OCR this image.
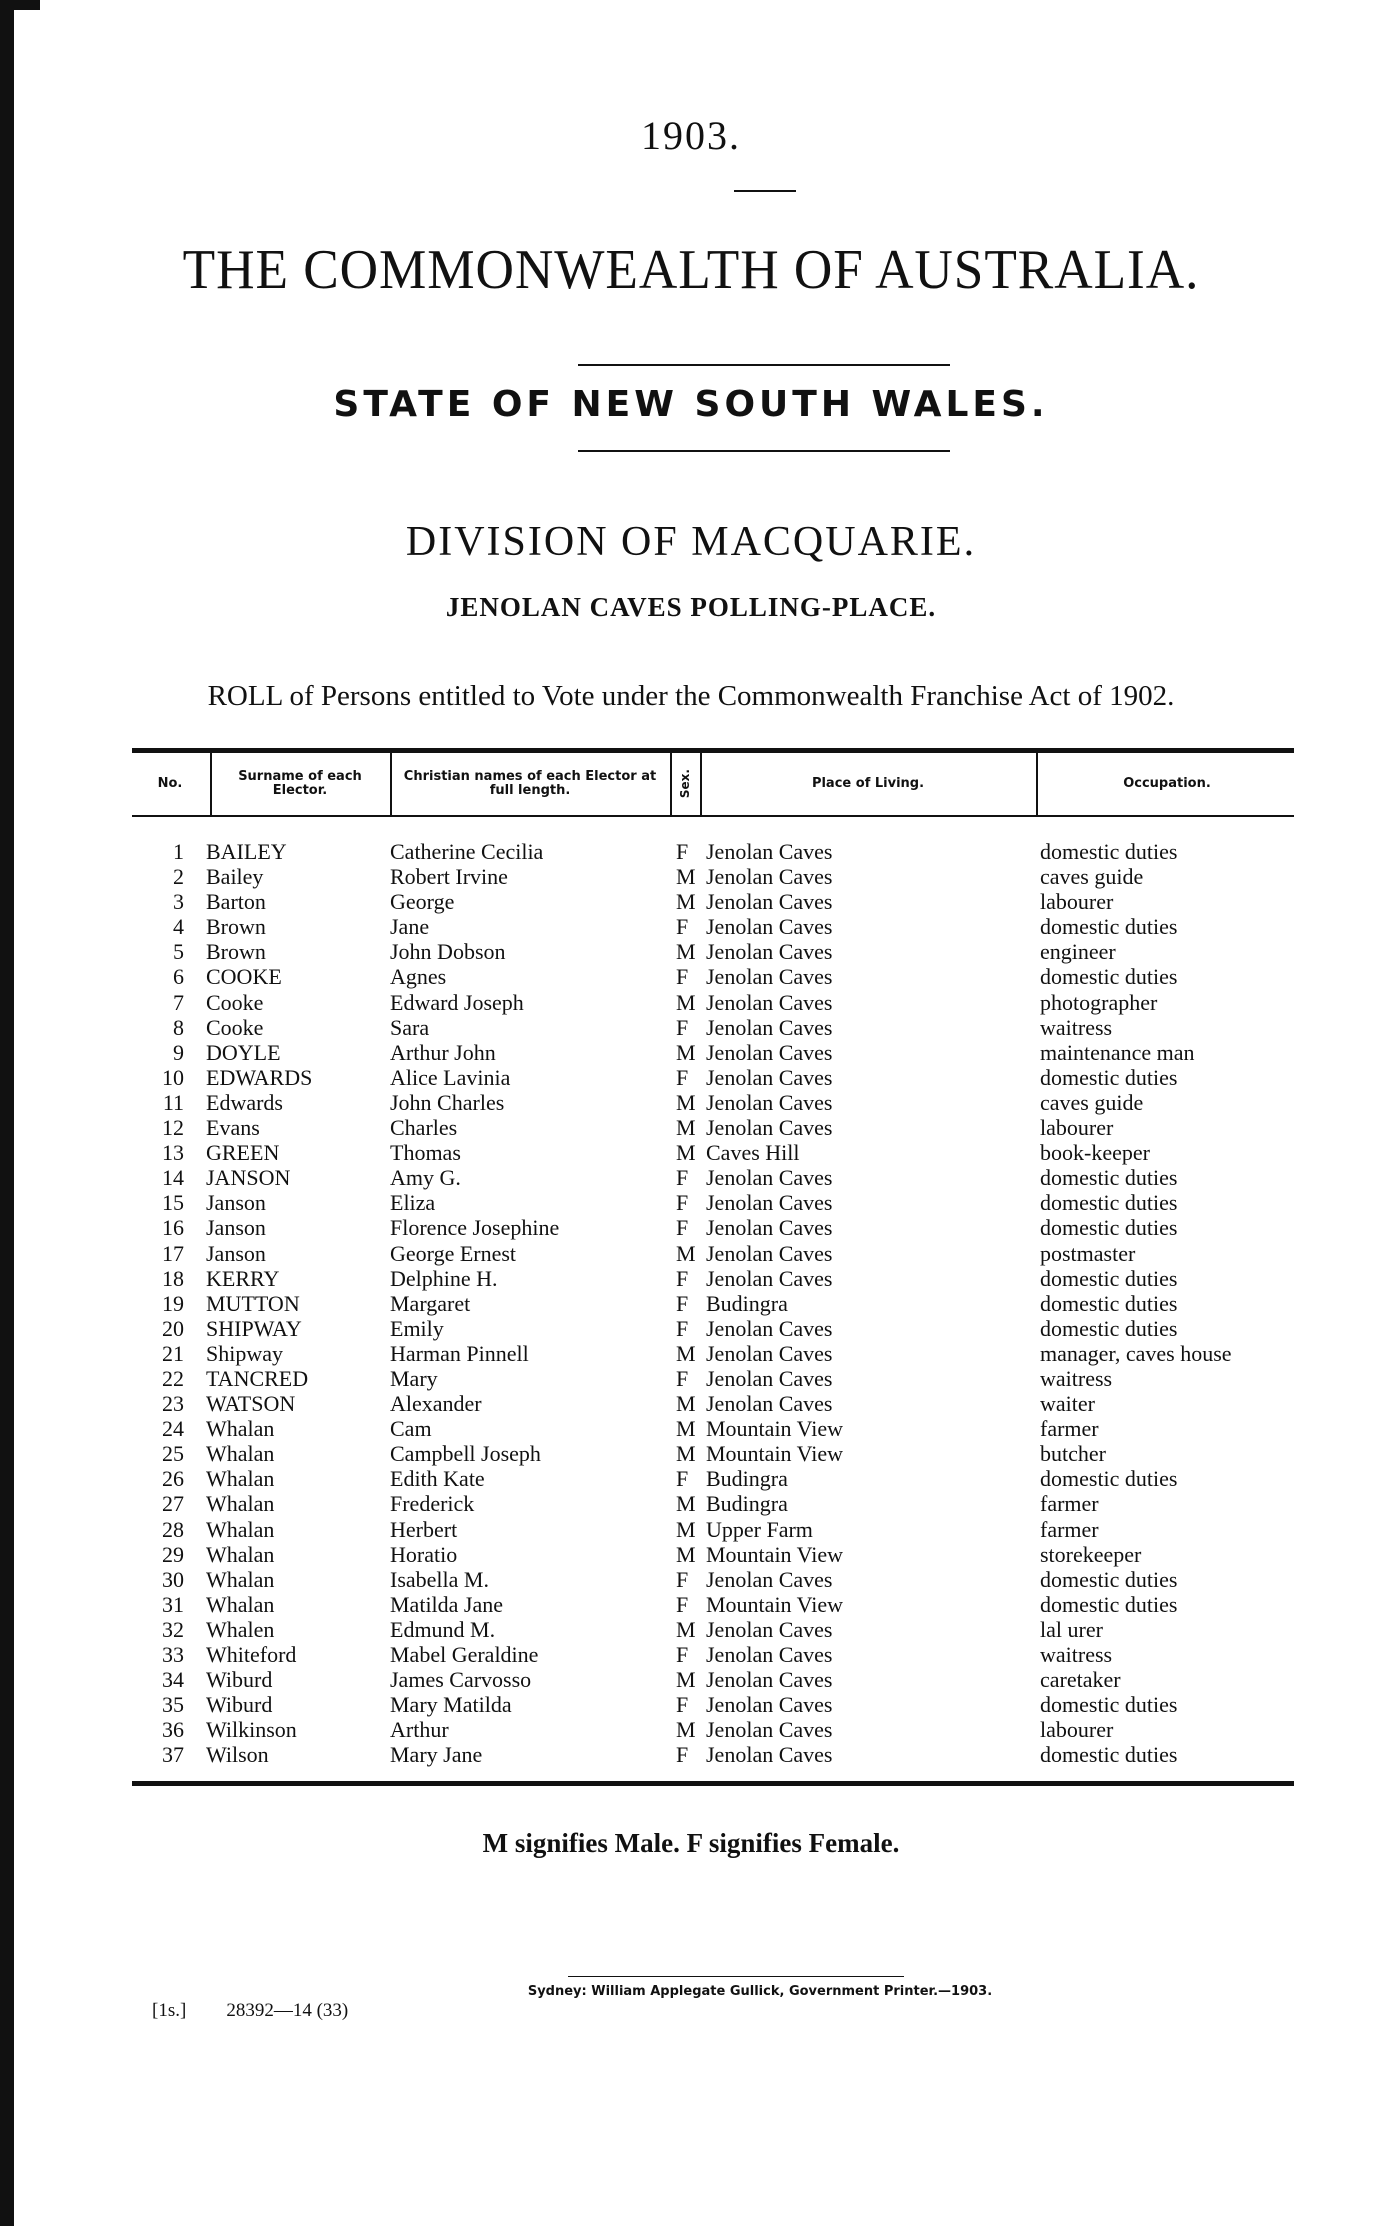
1903.
THE COMMONWEALTH OF AUSTRALIA.
STATE OF NEW SOUTH WALES.
DIVISION OF MACQUARIE.
JENOLAN CAVES POLLING-PLACE.
ROLL of Persons entitled to Vote under the Commonwealth Franchise Act of 1902.
No.	Surname of each Elector.
Christian names of each Elector at full length.	Sex.	Place of Living.	Occupation.
1 BAILEY	Catherine Cecilia	F Jenolan Caves	domestic duties
2 Bailey	Robert Irvine	M Jenolan Caves	caves guide
3 Barton	George	M Jenolan Caves	labourer
4 Brown	Jane	F Jenolan Caves	domestic duties
5 Brown	John Dobson	M Jenolan Caves	engineer
6 COOKE	Agnes	F Jenolan Caves	domestic duties
7 Cooke	Edward Joseph	M Jenolan Caves	photographer
8 Cooke	Sara	F Jenolan Caves	waitress
9 DOYLE	Arthur John	M Jenolan Caves	maintenance man
10 EDWARDS	Alice Lavinia	F Jenolan Caves	domestic duties
11 Edwards	John Charles	M Jenolan Caves	caves guide
12 Evans	Charles	M Jenolan Caves	labourer
13 GREEN	Thomas	M Caves Hill	book-keeper
14 JANSON	Amy G.	F Jenolan Caves	domestic duties
15 Janson	Eliza	F Jenolan Caves	domestic duties
16 Janson	Florence Josephine	F Jenolan Caves	domestic duties
17 Janson	George Ernest	M Jenolan Caves	postmaster
18 KERRY	Delphine H.	F Jenolan Caves	domestic duties
19 MUTTON	Margaret	F Budingra	domestic duties
20 SHIPWAY	Emily	F Jenolan Caves	domestic duties
21 Shipway	Harman Pinnell	M Jenolan Caves	manager, caves house
22 TANCRED	Mary	F Jenolan Caves	waitress
23 WATSON	Alexander	M Jenolan Caves	waiter
24 Whalan	Cam	M Mountain View	farmer
25 Whalan	Campbell Joseph	M Mountain View	butcher
26 Whalan	Edith Kate	F Budingra	domestic duties
27 Whalan	Frederick	M Budingra	farmer
28 Whalan	Herbert	M Upper Farm	farmer
29 Whalan	Horatio	M Mountain View	storekeeper
30 Whalan	Isabella M.	F Jenolan Caves	domestic duties
31 Whalan	Matilda Jane	F Mountain View	domestic duties
32 Whalen	Edmund M.	M Jenolan Caves	lal urer
33 Whiteford	Mabel Geraldine	F Jenolan Caves	waitress
34 Wiburd	James Carvosso	M Jenolan Caves	caretaker
35 Wiburd	Mary Matilda	F Jenolan Caves	domestic duties
36 Wilkinson	Arthur	M Jenolan Caves	labourer
37 Wilson	Mary Jane	F Jenolan Caves	domestic duties
M signifies Male. F signifies Female.
Sydney: William Applegate Gullick, Government Printer.—1903.
[1s.] 28392—14 (33)
